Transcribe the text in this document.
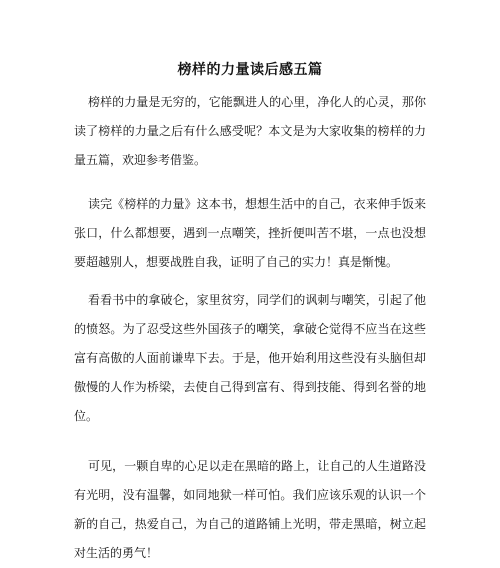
榜样的力量读后感五篇

榜样的力量是无穷的，它能飘进人的心里，净化人的心灵，那你读了榜样的力量之后有什么感受呢？本文是为大家收集的榜样的力量五篇，欢迎参考借鉴。

读完《榜样的力量》这本书，想想生活中的自己，衣来伸手饭来张口，什么都想要，遇到一点嘲笑，挫折便叫苦不堪，一点也没想要超越别人，想要战胜自我，证明了自己的实力！真是惭愧。

看看书中的拿破仑，家里贫穷，同学们的讽刺与嘲笑，引起了他的愤怒。为了忍受这些外国孩子的嘲笑，拿破仑觉得不应当在这些富有高傲的人面前谦卑下去。于是，他开始利用这些没有头脑但却傲慢的人作为桥梁，去使自己得到富有、得到技能、得到名誉的地位。

可见，一颗自卑的心足以走在黑暗的路上，让自己的人生道路没有光明，没有温馨，如同地狱一样可怕。我们应该乐观的认识一个新的自己，热爱自己，为自己的道路铺上光明，带走黑暗，树立起对生活的勇气！
